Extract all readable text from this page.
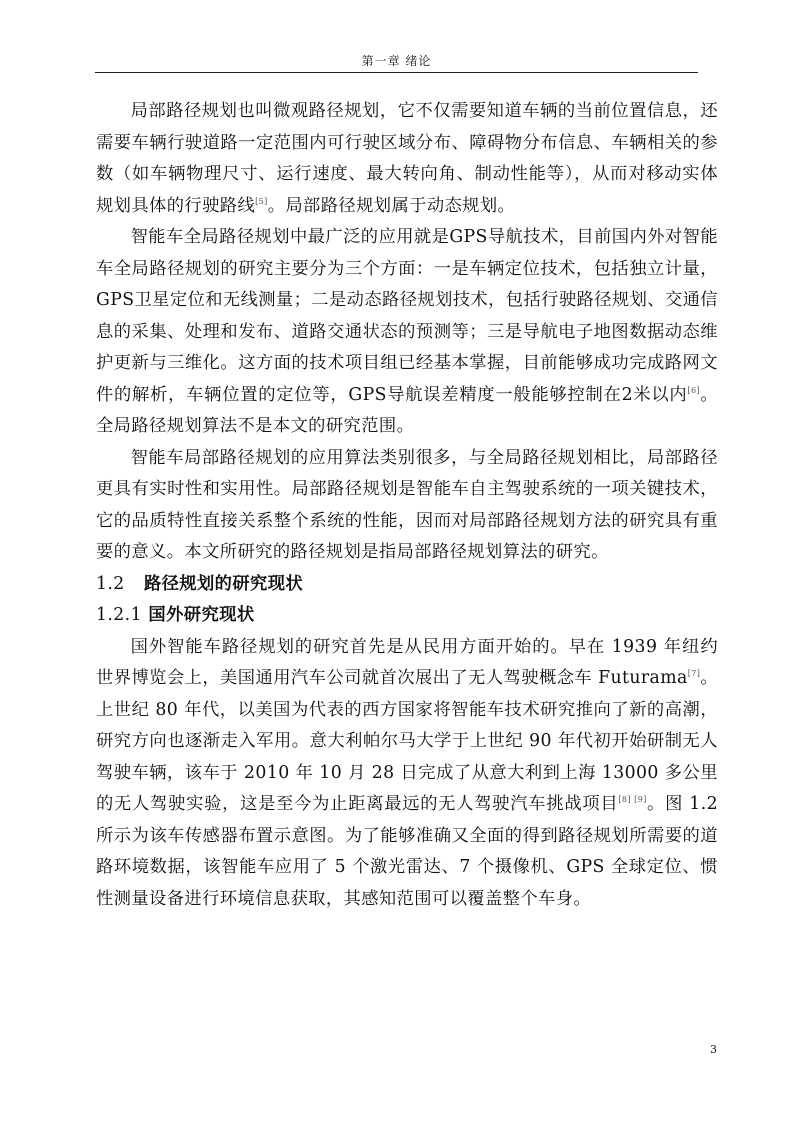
第一章 绪论

局部路径规划也叫微观路径规划，它不仅需要知道车辆的当前位置信息，还需要车辆行驶道路一定范围内可行驶区域分布、障碍物分布信息、车辆相关的参数（如车辆物理尺寸、运行速度、最大转向角、制动性能等），从而对移动实体规划具体的行驶路线[5]。局部路径规划属于动态规划。

智能车全局路径规划中最广泛的应用就是GPS导航技术，目前国内外对智能车全局路径规划的研究主要分为三个方面：一是车辆定位技术，包括独立计量，GPS卫星定位和无线测量；二是动态路径规划技术，包括行驶路径规划、交通信息的采集、处理和发布、道路交通状态的预测等；三是导航电子地图数据动态维护更新与三维化。这方面的技术项目组已经基本掌握，目前能够成功完成路网文件的解析，车辆位置的定位等，GPS导航误差精度一般能够控制在2米以内[6]。全局路径规划算法不是本文的研究范围。

智能车局部路径规划的应用算法类别很多，与全局路径规划相比，局部路径更具有实时性和实用性。局部路径规划是智能车自主驾驶系统的一项关键技术，它的品质特性直接关系整个系统的性能，因而对局部路径规划方法的研究具有重要的意义。本文所研究的路径规划是指局部路径规划算法的研究。

1.2 路径规划的研究现状
1.2.1 国外研究现状

国外智能车路径规划的研究首先是从民用方面开始的。早在 1939 年纽约世界博览会上，美国通用汽车公司就首次展出了无人驾驶概念车 Futurama[7]。上世纪 80 年代，以美国为代表的西方国家将智能车技术研究推向了新的高潮，研究方向也逐渐走入军用。意大利帕尔马大学于上世纪 90 年代初开始研制无人驾驶车辆，该车于 2010 年 10 月 28 日完成了从意大利到上海 13000 多公里的无人驾驶实验，这是至今为止距离最远的无人驾驶汽车挑战项目[8] [9]。图 1.2 所示为该车传感器布置示意图。为了能够准确又全面的得到路径规划所需要的道路环境数据，该智能车应用了 5 个激光雷达、7 个摄像机、GPS 全球定位、惯性测量设备进行环境信息获取，其感知范围可以覆盖整个车身。

3
